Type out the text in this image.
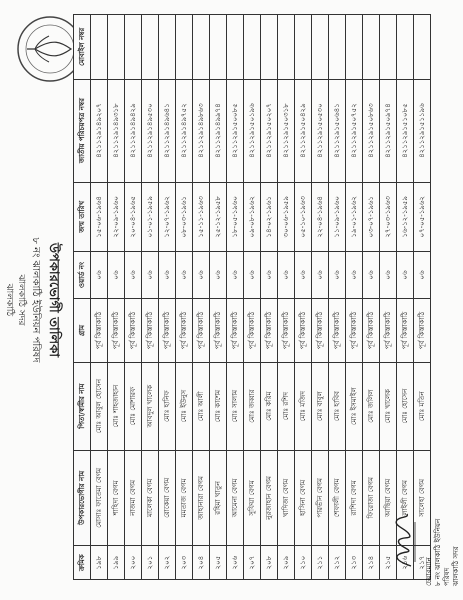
উপকারভোগী তালিকা
৮ নং ঝালকাঠি ইউনিয়ন পরিষদ
ঝালকাঠি সদর
ঝালকাঠি
ক্রমিক	উপকারভোগীর নাম	পিতা/স্বামীর নাম	গ্রাম	ওয়ার্ড নং	জন্ম তারিখ	জাতীয় পরিচয়পত্র নম্বর	মোবাইল নম্বর
১৯৮	মোসাঃ ফাতেমা বেগম	মোঃ আবুল হোসেন	পূর্ব কিস্তাকাঠি	০৬	১৫-০৬-১৯৬৪	৪২১১২৯১৪৯২০৭	
১৯৯	শাহিদা বেগম	মোঃ শাহজাহান	পূর্ব কিস্তাকাঠি	০৬	২২-০৯-১৯৬০	৪২১১২৯১৪৯৩১৮	
২০০	নাজমা বেগম	মোঃ মোশারফ	পূর্ব কিস্তাকাঠি	০৬	২০-০৪-১৯৬৫	৪২১১২৯১৪৯৪২৯	
২০১	মালেকা বেগম	আবদুল খালেক	পূর্ব কিস্তাকাঠি	০৬	০১-০১-১৯৫৯	৪২১১২৯১৪৯৫৩০	
২০২	রোকেয়া বেগম	মোঃ হানিফ	পূর্ব কিস্তাকাঠি	০৬	১২-০৭-১৯৬২	৪২১১২৯১৪৯৬৪১	
২০৩	মমতাজ বেগম	মোঃ ইউনুস	পূর্ব কিস্তাকাঠি	০৬	০৮-০৩-১৯৬১	৪২১১২৯১৪৯৭৫২	
২০৪	জাহানারা বেগম	মোঃ আলী	পূর্ব কিস্তাকাঠি	০৬	১৫-১১-১৯৬৩	৪২১১২৯১৪৯৮৬৩	
২০৫	রহিমা খাতুন	মোঃ কাশেম	পূর্ব কিস্তাকাঠি	০৬	২৫-১২-১৯৫৮	৪২১১২৯১৪৯৯৭৪	
২০৬	আমেনা বেগম	মোঃ সালাম	পূর্ব কিস্তাকাঠি	০৬	১৮-০৫-১৯৬০	৪২১১২৯১৫০০৮৫	
২০৭	সুফিয়া বেগম	মোঃ জব্বার	পূর্ব কিস্তাকাঠি	০৬	০৯-০৮-১৯৬২	৪২১১২৯১৫০১৯৬	
২০৮	নুরজাহান বেগম	মোঃ করিম	পূর্ব কিস্তাকাঠি	০৬	১৪-০২-১৯৬১	৪২১১২৯১৫০২০৭	
২০৯	খাদিজা বেগম	মোঃ রশিদ	পূর্ব কিস্তাকাঠি	০৬	৩০-০৬-১৯৫৯	৪২১১২৯১৫০৩১৮	
২১০	হাসিনা বেগম	মোঃ মজিদ	পূর্ব কিস্তাকাঠি	০৬	০৫-১০-১৯৬৩	৪২১১২৯১৫০৪২৯	
২১১	পারভীন বেগম	মোঃ বাবুল	পূর্ব কিস্তাকাঠি	০৬	২২-০৪-১৯৬৪	৪২১১২৯১৫০৫৩০	
২১২	শেফালী বেগম	মোঃ হাবিব	পূর্ব কিস্তাকাঠি	০৬	১১-০৯-১৯৬০	৪২১১২৯১৫০৬৪১	
২১৩	রাশিদা বেগম	মোঃ ইসমাইল	পূর্ব কিস্তাকাঠি	০৬	১৯-০১-১৯৬২	৪২১১২৯১৫০৭৫২	
২১৪	ফিরোজা বেগম	মোঃ জলিল	পূর্ব কিস্তাকাঠি	০৬	০৩-০৭-১৯৬১	৪২১১২৯১৫০৮৬৩	
২১৫	আছিয়া বেগম	মোঃ খালেক	পূর্ব কিস্তাকাঠি	০৬	২৭-০৩-১৯৬৩	৪২১১২৯১৫০৯৭৪	
২১৬	লাইলী বেগম	মোঃ হোসেন	পূর্ব কিস্তাকাঠি	০৬	১৬-১২-১৯৫৯	৪২১১২৯১৫১০৮৫	
২১৭	সালেহা বেগম	মোঃ মতিন	পূর্ব কিস্তাকাঠি	০৬	০৭-০৫-১৯৬২	৪২১১২৯১৫১১৯৬	
চেয়ারম্যান ৮ নং ঝালকাঠি ইউনিয়ন পরিষদ ঝালকাঠি সদর
